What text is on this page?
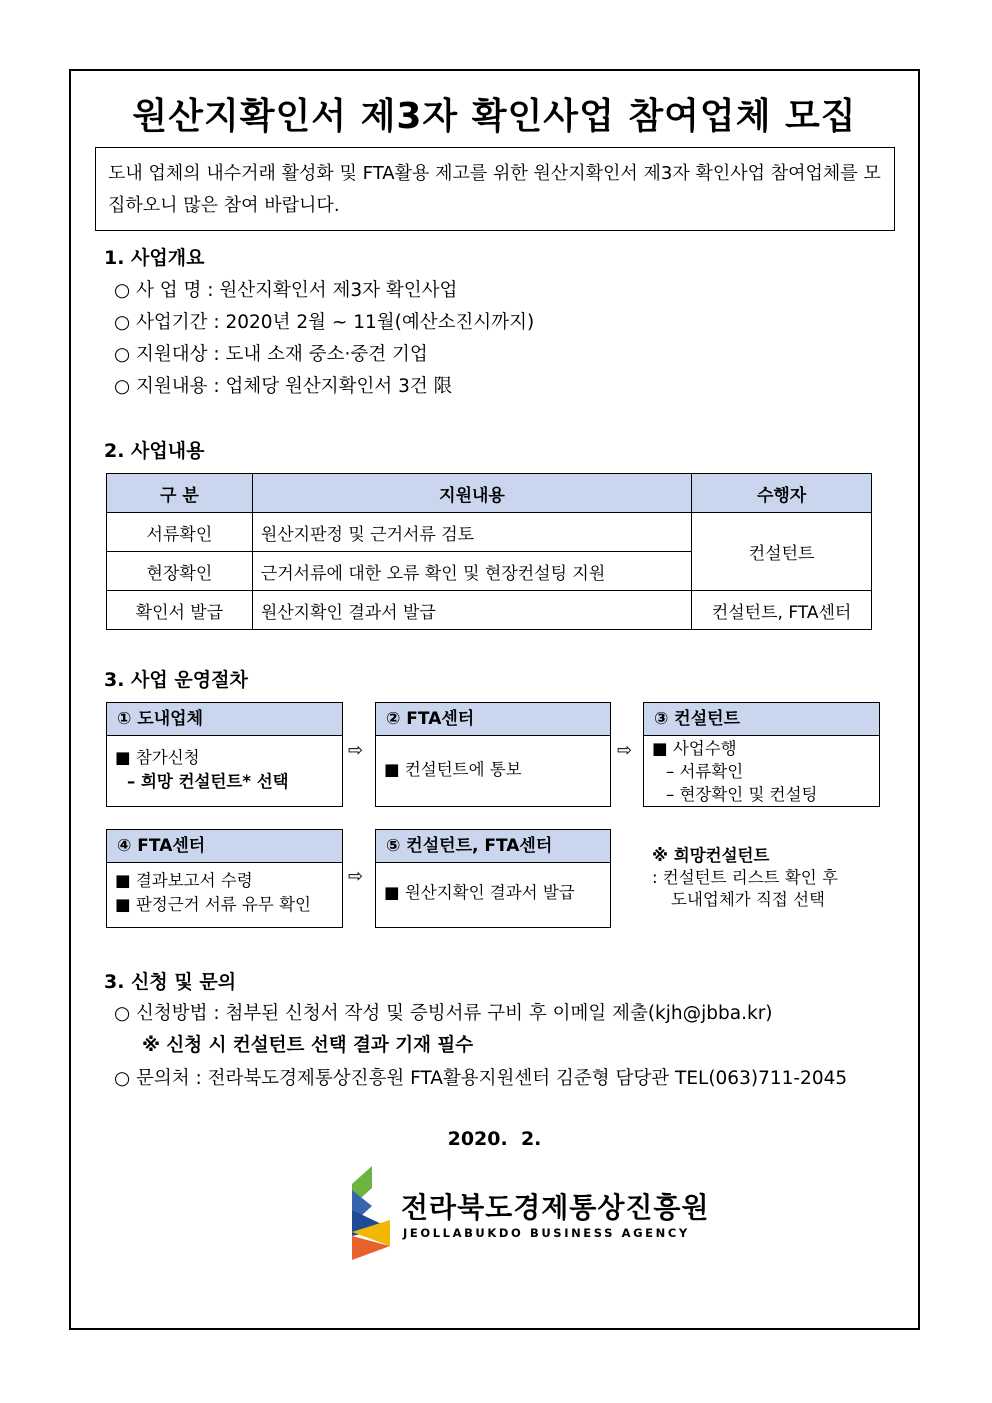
원산지확인서 제3자 확인사업 참여업체 모집
도내 업체의 내수거래 활성화 및 FTA활용 제고를 위한 원산지확인서 제3자 확인사업 참여업체를 모집하오니 많은 참여 바랍니다.
1. 사업개요
○ 사 업 명 : 원산지확인서 제3자 확인사업
○ 사업기간 : 2020년 2월 ~ 11월(예산소진시까지)
○ 지원대상 : 도내 소재 중소·중견 기업
○ 지원내용 : 업체당 원산지확인서 3건 限
2. 사업내용
구 분	지원내용	수행자
서류확인	원산지판정 및 근거서류 검토	컨설턴트
현장확인	근거서류에 대한 오류 확인 및 현장컨설팅 지원	
확인서 발급	원산지확인 결과서 발급	컨설턴트, FTA센터
3. 사업 운영절차
① 도내업체
■ 참가신청
– 희망 컨설턴트* 선택
⇨
② FTA센터
■ 컨설턴트에 통보
⇨
③ 컨설턴트
■ 사업수행
– 서류확인
– 현장확인 및 컨설팅
④ FTA센터
■ 결과보고서 수령
■ 판정근거 서류 유무 확인
⇨
⑤ 컨설턴트, FTA센터
■ 원산지확인 결과서 발급
※ 희망컨설턴트
: 컨설턴트 리스트 확인 후
도내업체가 직접 선택
3. 신청 및 문의
○ 신청방법 : 첨부된 신청서 작성 및 증빙서류 구비 후 이메일 제출(kjh@jbba.kr)
※ 신청 시 컨설턴트 선택 결과 기재 필수
○ 문의처 : 전라북도경제통상진흥원 FTA활용지원센터 김준형 담당관 TEL(063)711-2045
2020.  2.
전라북도경제통상진흥원
JEOLLABUKDO BUSINESS AGENCY
